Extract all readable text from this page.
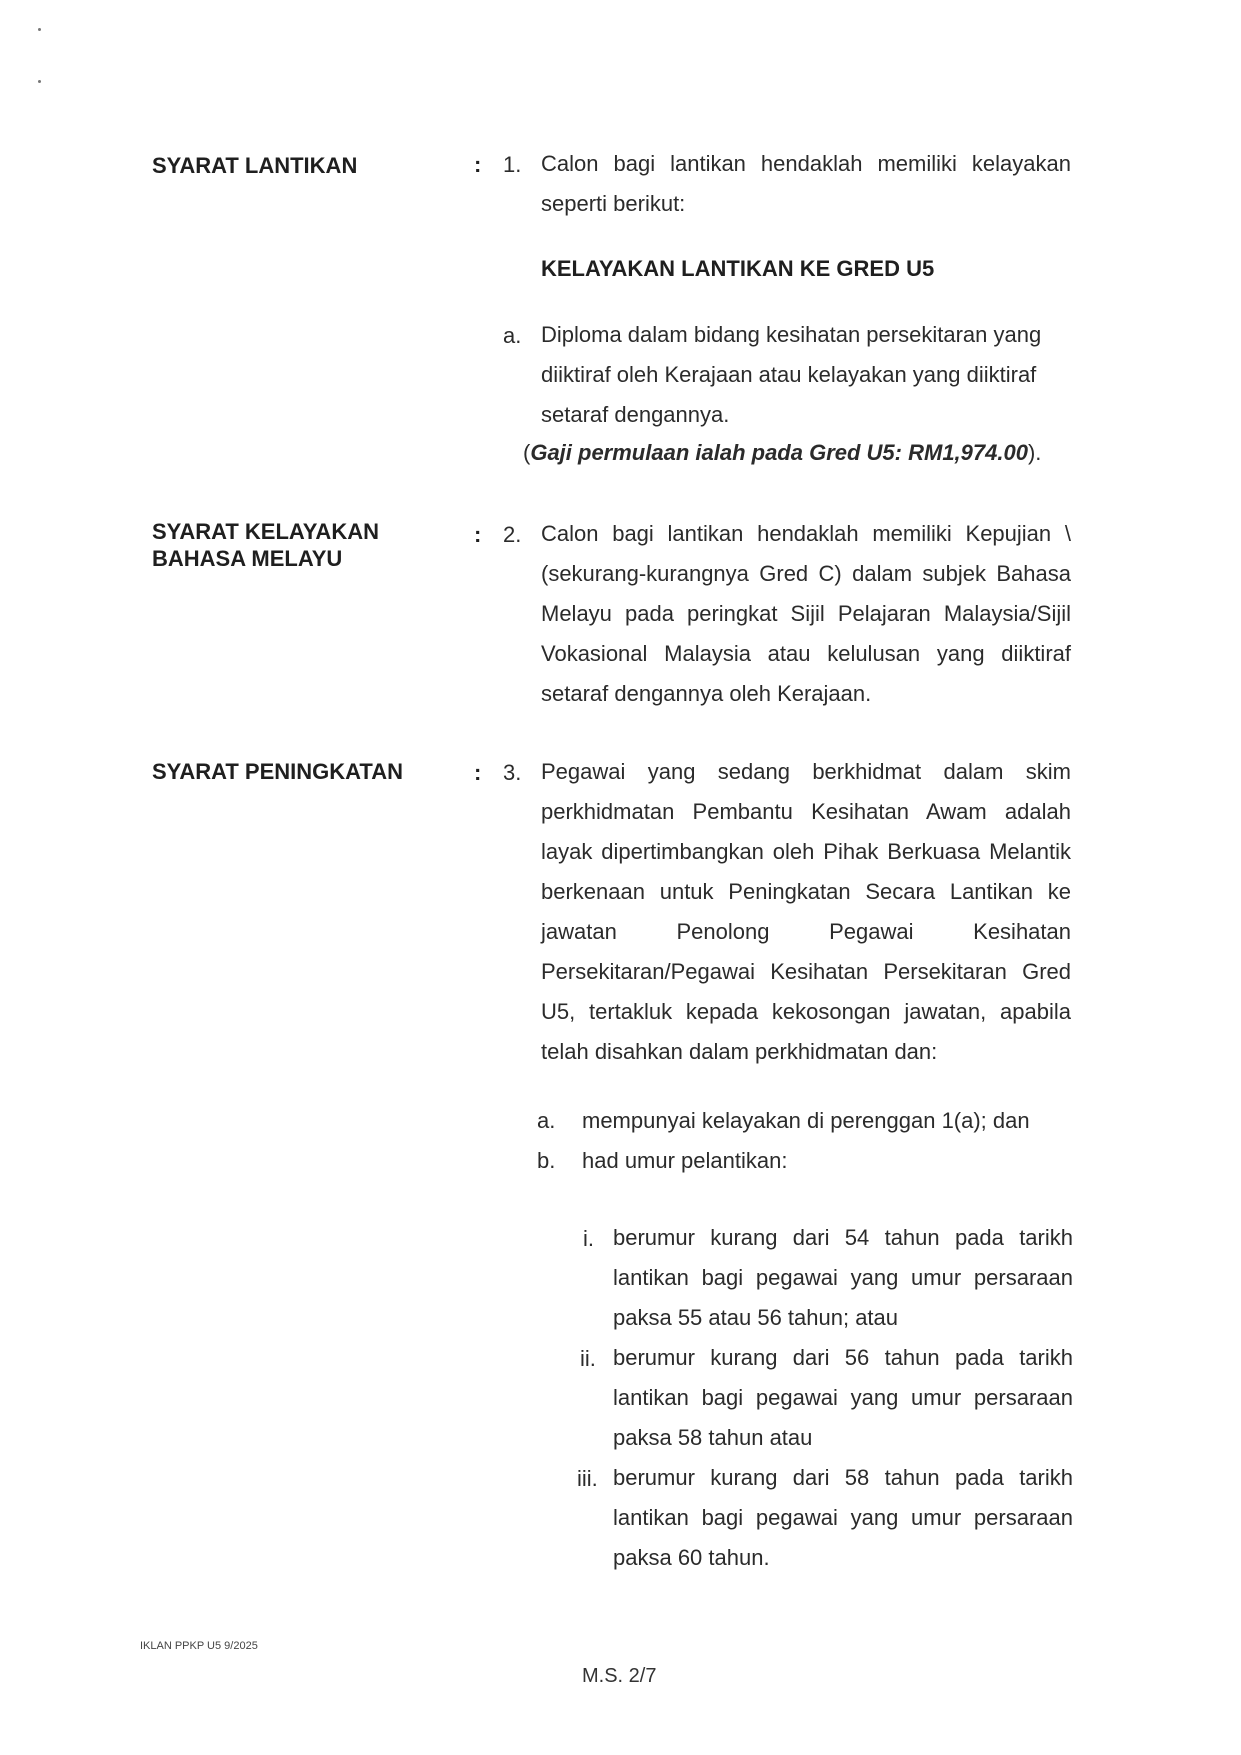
SYARAT LANTIKAN	: 1. Calon bagi lantikan hendaklah memiliki kelayakan
seperti berikut:
KELAYAKAN LANTIKAN KE GRED U5
a. Diploma dalam bidang kesihatan persekitaran yang
diiktiraf oleh Kerajaan atau kelayakan yang diiktiraf
setaraf dengannya.
(Gaji permulaan ialah pada Gred U5: RM1,974.00).
SYARAT KELAYAKAN
BAHASA MELAYU
: 2. Calon bagi lantikan hendaklah memiliki Kepujian \
(sekurang-kurangnya Gred C) dalam subjek Bahasa
Melayu pada peringkat Sijil Pelajaran Malaysia/Sijil
Vokasional Malaysia atau kelulusan yang diiktiraf
setaraf dengannya oleh Kerajaan.
SYARAT PENINGKATAN	: 3. Pegawai yang sedang berkhidmat dalam skim
perkhidmatan Pembantu Kesihatan Awam adalah
layak dipertimbangkan oleh Pihak Berkuasa Melantik
berkenaan untuk Peningkatan Secara Lantikan ke
jawatan	Penolong	Pegawai	Kesihatan
Persekitaran/Pegawai Kesihatan Persekitaran Gred
U5, tertakluk kepada kekosongan jawatan, apabila
telah disahkan dalam perkhidmatan dan:
a. mempunyai kelayakan di perenggan 1(a); dan
b. had umur pelantikan:
i. berumur kurang dari 54 tahun pada tarikh
lantikan bagi pegawai yang umur persaraan
paksa 55 atau 56 tahun; atau
ii. berumur kurang dari 56 tahun pada tarikh
lantikan bagi pegawai yang umur persaraan
paksa 58 tahun atau
iii. berumur kurang dari 58 tahun pada tarikh
lantikan bagi pegawai yang umur persaraan
paksa 60 tahun.
IKLAN PPKP U5 9/2025
M.S. 2/7
